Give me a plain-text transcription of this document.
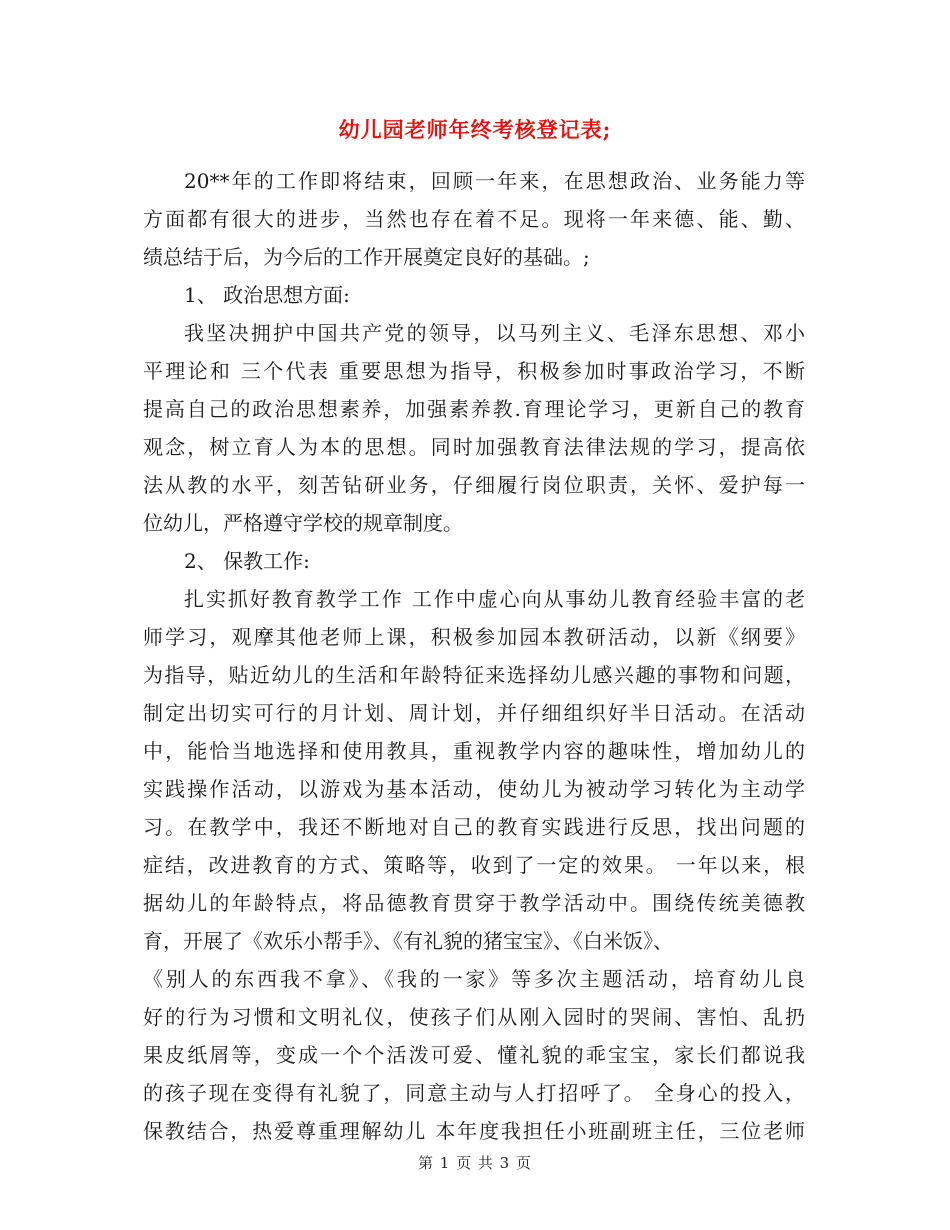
幼儿园老师年终考核登记表;
20**年的工作即将结束，回顾一年来，在思想政治、业务能力等
方面都有很大的进步，当然也存在着不足。现将一年来德、能、勤、
绩总结于后，为今后的工作开展奠定良好的基础。;
1、 政治思想方面:
我坚决拥护中国共产党的领导，以马列主义、毛泽东思想、邓小
平理论和 三个代表 重要思想为指导，积极参加时事政治学习，不断
提高自己的政治思想素养，加强素养教.育理论学习，更新自己的教育
观念，树立育人为本的思想。同时加强教育法律法规的学习，提高依
法从教的水平，刻苦钻研业务，仔细履行岗位职责，关怀、爱护每一
位幼儿，严格遵守学校的规章制度。
2、 保教工作:
扎实抓好教育教学工作 工作中虚心向从事幼儿教育经验丰富的老
师学习，观摩其他老师上课，积极参加园本教研活动，以新《纲要》
为指导，贴近幼儿的生活和年龄特征来选择幼儿感兴趣的事物和问题，
制定出切实可行的月计划、周计划，并仔细组织好半日活动。在活动
中，能恰当地选择和使用教具，重视教学内容的趣味性，增加幼儿的
实践操作活动，以游戏为基本活动，使幼儿为被动学习转化为主动学
习。在教学中，我还不断地对自己的教育实践进行反思，找出问题的
症结，改进教育的方式、策略等，收到了一定的效果。 一年以来，根
据幼儿的年龄特点，将品德教育贯穿于教学活动中。围绕传统美德教
育，开展了《欢乐小帮手》、《有礼貌的猪宝宝》、《白米饭》、
《别人的东西我不拿》、《我的一家》等多次主题活动，培育幼儿良
好的行为习惯和文明礼仪，使孩子们从刚入园时的哭闹、害怕、乱扔
果皮纸屑等，变成一个个活泼可爱、懂礼貌的乖宝宝，家长们都说我
的孩子现在变得有礼貌了，同意主动与人打招呼了。 全身心的投入，
保教结合，热爱尊重理解幼儿 本年度我担任小班副班主任，三位老师
第 1 页 共 3 页
